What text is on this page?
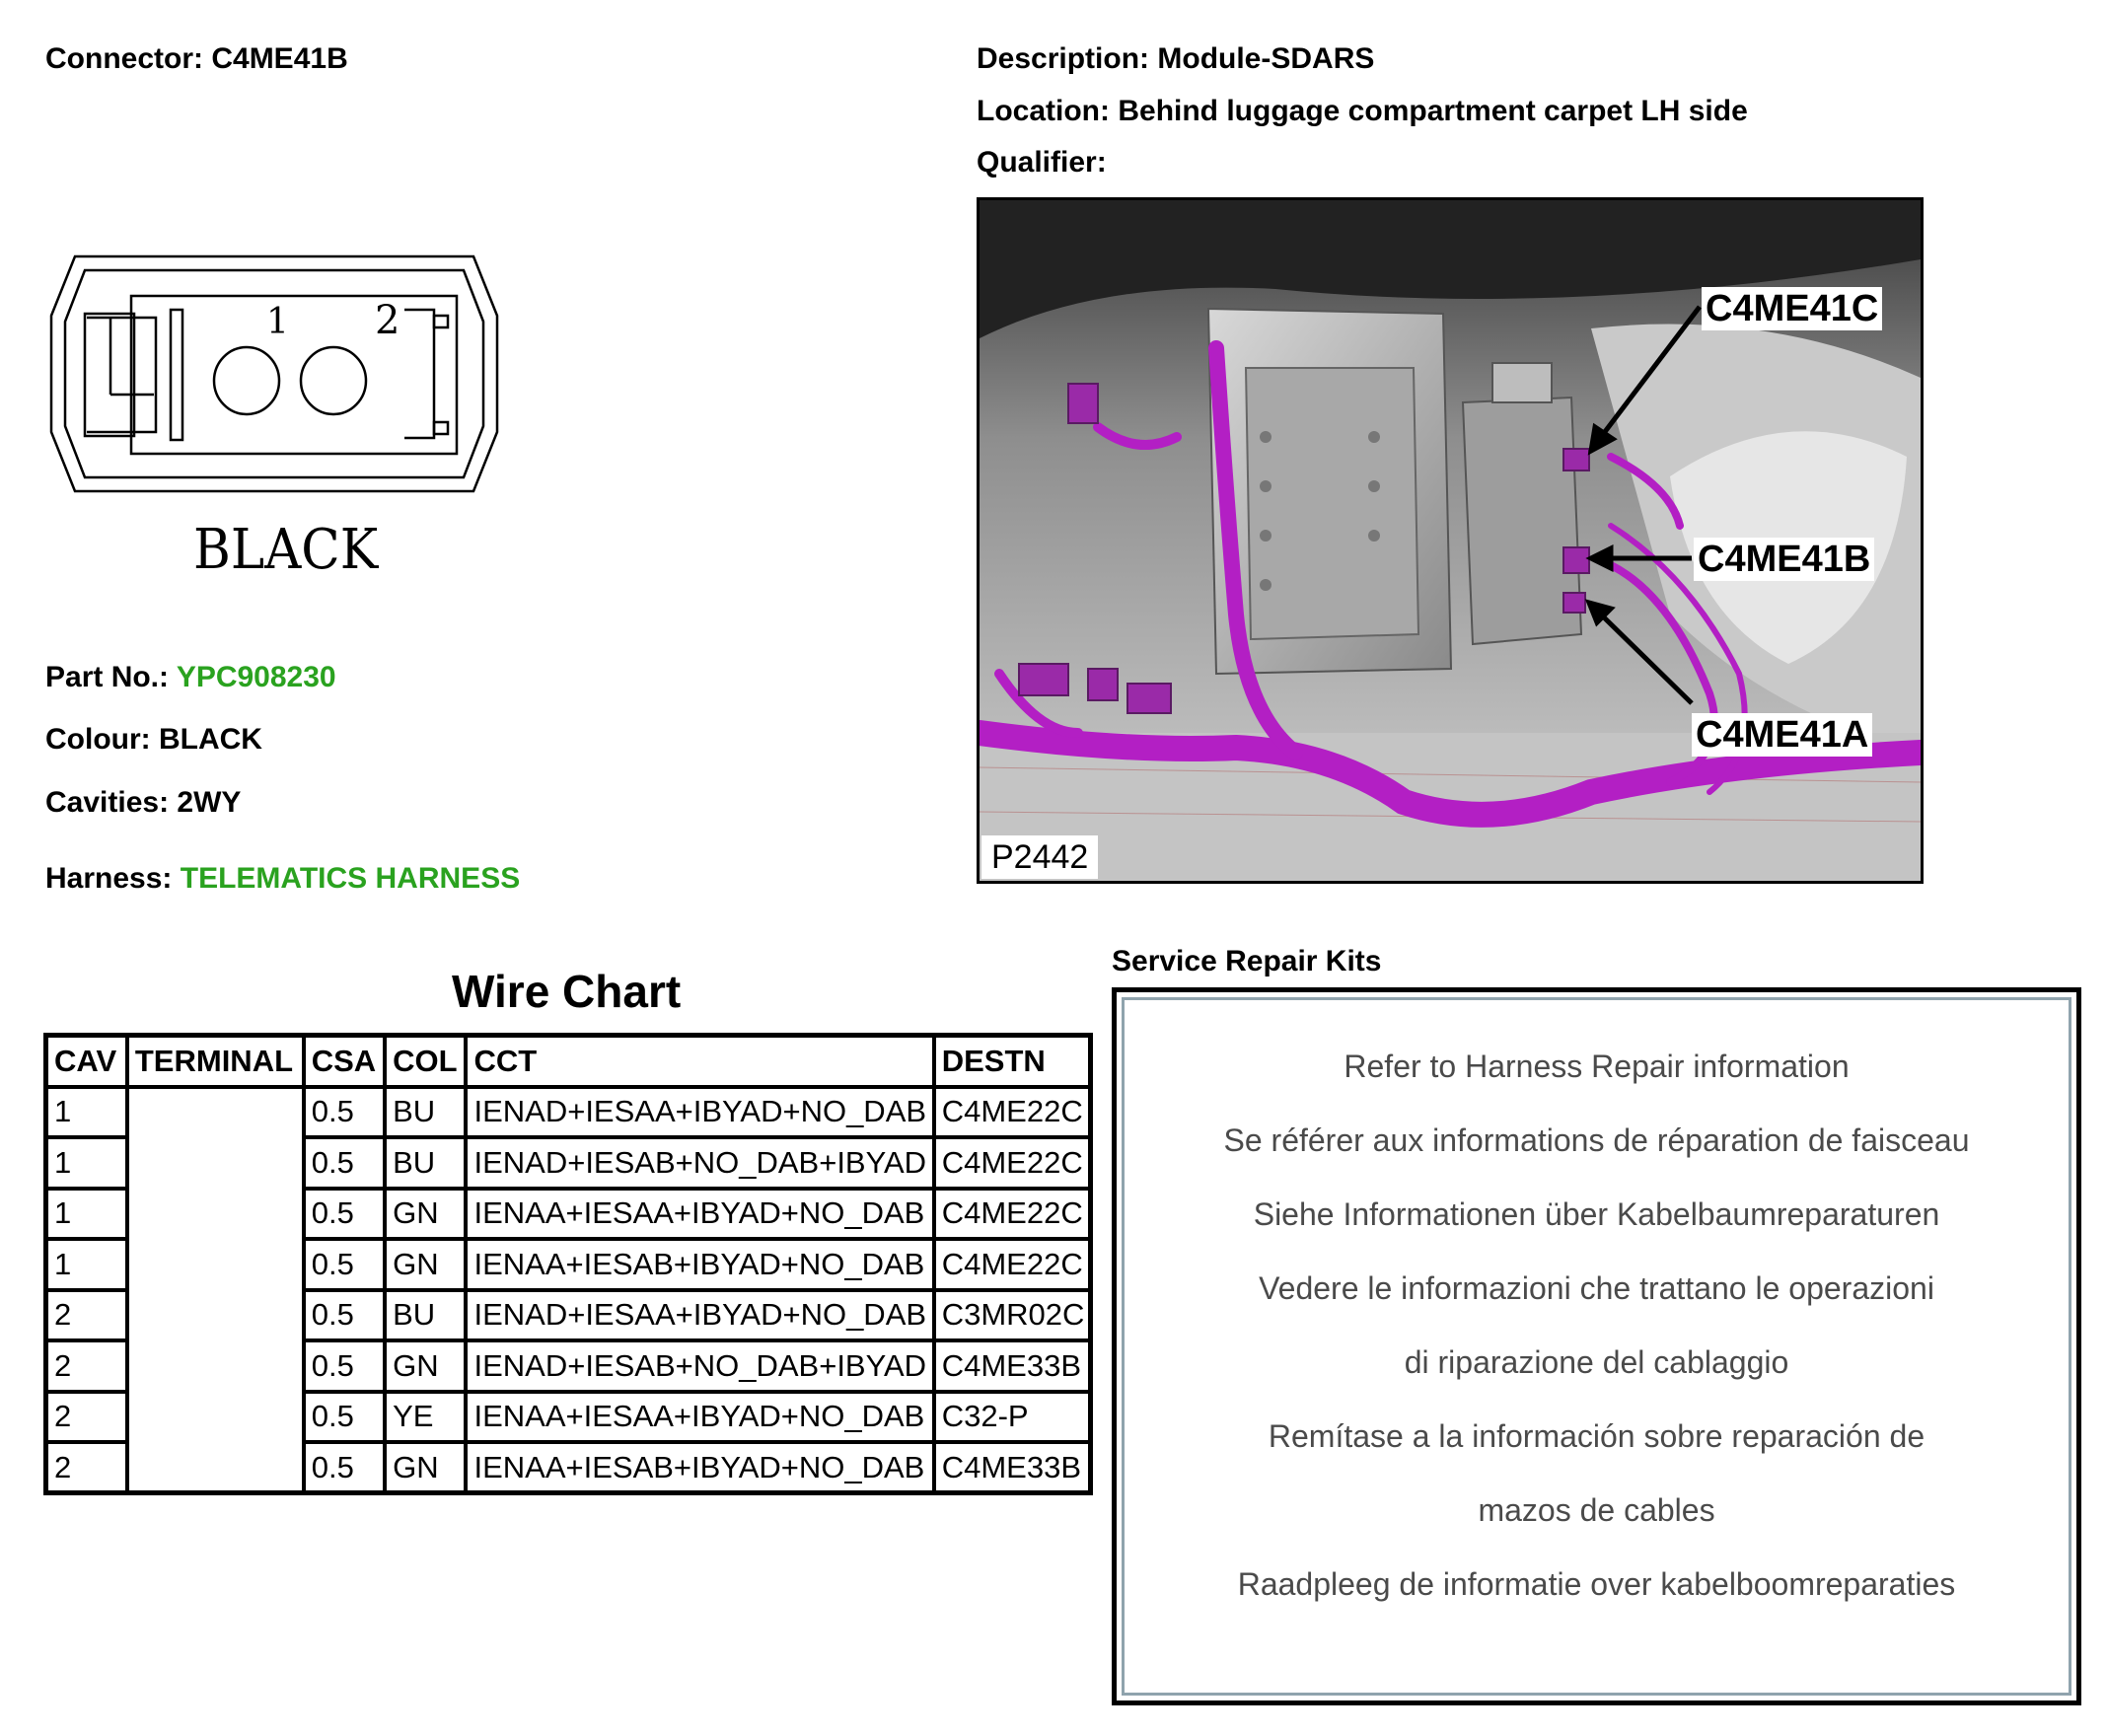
Connector: C4ME41B	Description: Module-SDARS
Location: Behind luggage compartment carpet LH side
Qualifier:
1 2
BLACK
Part No.: YPC908230
Colour: BLACK
Cavities: 2WY
Harness: TELEMATICS HARNESS
C4ME41C
C4ME41B
C4ME41A
P2442
Wire Chart
CAV	TERMINAL	CSA	COL	CCT	DESTN
1		0.5	BU	IENAD+IESAA+IBYAD+NO_DAB	C4ME22C
1		0.5	BU	IENAD+IESAB+NO_DAB+IBYAD	C4ME22C
1		0.5	GN	IENAA+IESAA+IBYAD+NO_DAB	C4ME22C
1		0.5	GN	IENAA+IESAB+IBYAD+NO_DAB	C4ME22C
2		0.5	BU	IENAD+IESAA+IBYAD+NO_DAB	C3MR02C
2		0.5	GN	IENAD+IESAB+NO_DAB+IBYAD	C4ME33B
2		0.5	YE	IENAA+IESAA+IBYAD+NO_DAB	C32-P
2		0.5	GN	IENAA+IESAB+IBYAD+NO_DAB	C4ME33B
Service Repair Kits
Refer to Harness Repair information
Se référer aux informations de réparation de faisceau
Siehe Informationen über Kabelbaumreparaturen
Vedere le informazioni che trattano le operazioni
di riparazione del cablaggio
Remítase a la información sobre reparación de
mazos de cables
Raadpleeg de informatie over kabelboomreparaties
